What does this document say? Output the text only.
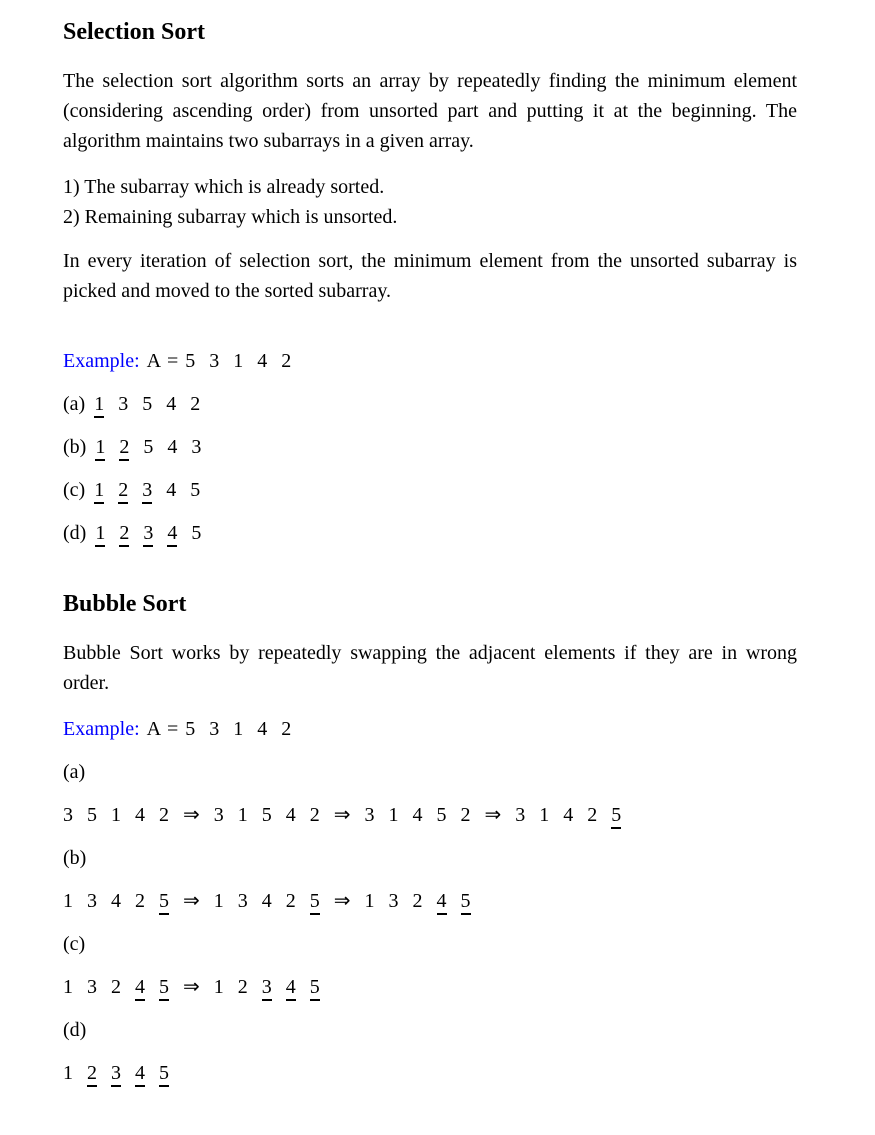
Selection Sort

The selection sort algorithm sorts an array by repeatedly finding the minimum element (considering ascending order) from unsorted part and putting it at the beginning. The algorithm maintains two subarrays in a given array.

1) The subarray which is already sorted.
2) Remaining subarray which is unsorted.

In every iteration of selection sort, the minimum element from the unsorted subarray is picked and moved to the sorted subarray.

Example: A = 5  3  1  4  2
(a) 1 3 5 4 2
(b) 1 2 5 4 3
(c) 1 2 3 4 5
(d) 1 2 3 4 5
Bubble Sort

Bubble Sort works by repeatedly swapping the adjacent elements if they are in wrong order.

Example: A = 5  3  1  4  2
(a)
3 5 1 4 2 ⇒ 3 1 5 4 2 ⇒ 3 1 4 5 2 ⇒ 3 1 4 2 5
(b)
1 3 4 2 5 ⇒ 1 3 4 2 5 ⇒ 1 3 2 4 5
(c)
1 3 2 4 5 ⇒ 1 2 3 4 5
(d)
1 2 3 4 5
